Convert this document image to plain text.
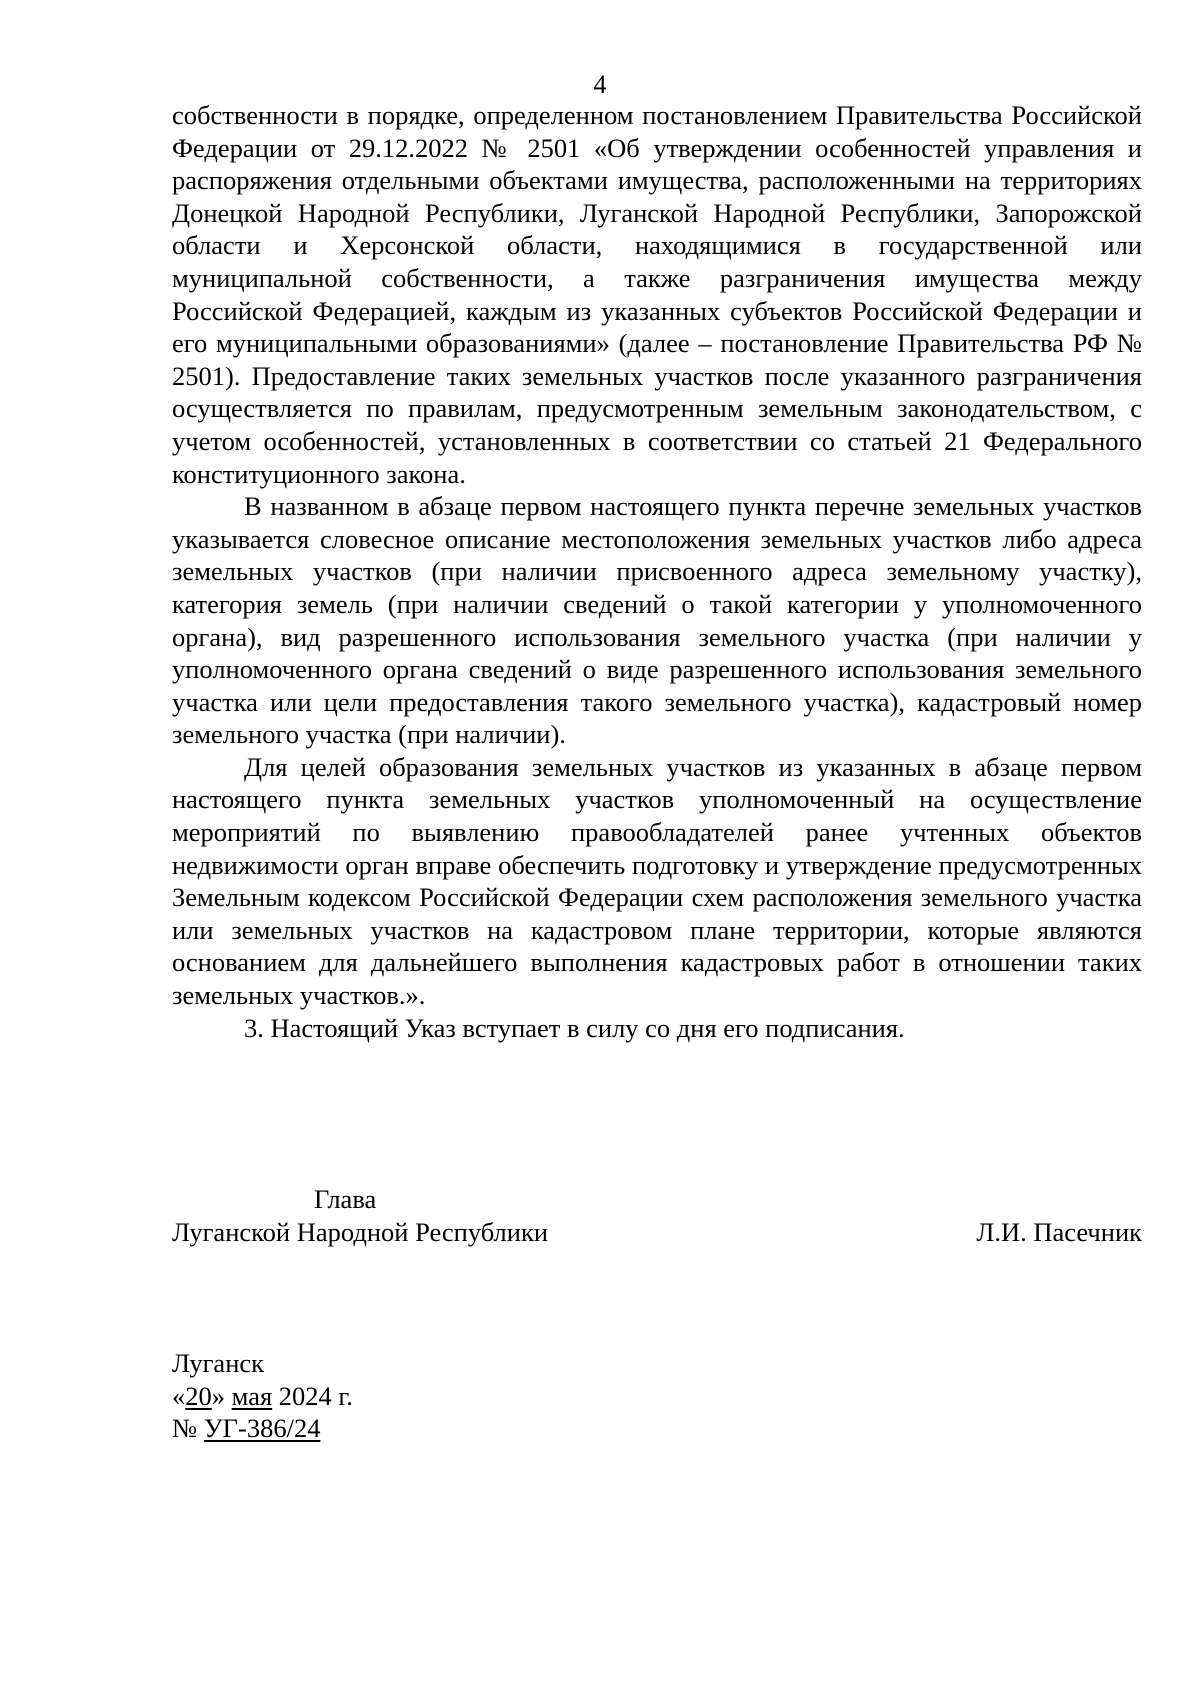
4

собственности в порядке, определенном постановлением Правительства Российской Федерации от 29.12.2022 № 2501 «Об утверждении особенностей управления и распоряжения отдельными объектами имущества, расположенными на территориях Донецкой Народной Республики, Луганской Народной Республики, Запорожской области и Херсонской области, находящимися в государственной или муниципальной собственности, а также разграничения имущества между Российской Федерацией, каждым из указанных субъектов Российской Федерации и его муниципальными образованиями» (далее – постановление Правительства РФ № 2501). Предоставление таких земельных участков после указанного разграничения осуществляется по правилам, предусмотренным земельным законодательством, с учетом особенностей, установленных в соответствии со статьей 21 Федерального конституционного закона.

В названном в абзаце первом настоящего пункта перечне земельных участков указывается словесное описание местоположения земельных участков либо адреса земельных участков (при наличии присвоенного адреса земельному участку), категория земель (при наличии сведений о такой категории у уполномоченного органа), вид разрешенного использования земельного участка (при наличии у уполномоченного органа сведений о виде разрешенного использования земельного участка или цели предоставления такого земельного участка), кадастровый номер земельного участка (при наличии).

Для целей образования земельных участков из указанных в абзаце первом настоящего пункта земельных участков уполномоченный на осуществление мероприятий по выявлению правообладателей ранее учтенных объектов недвижимости орган вправе обеспечить подготовку и утверждение предусмотренных Земельным кодексом Российской Федерации схем расположения земельного участка или земельных участков на кадастровом плане территории, которые являются основанием для дальнейшего выполнения кадастровых работ в отношении таких земельных участков.».

3. Настоящий Указ вступает в силу со дня его подписания.

Глава
Луганской Народной Республики	Л.И. Пасечник
Луганск
«20» мая 2024 г.
№ УГ-386/24
